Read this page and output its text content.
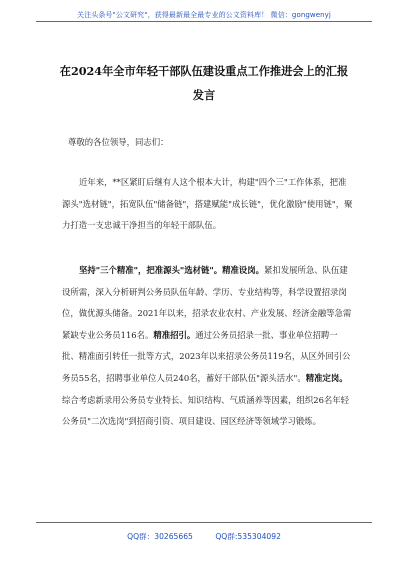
关注头条号"公文研究"，获得最新最全最专业的公文资料库！ 微信：gongwenyj
在2024年全市年轻干部队伍建设重点工作推进会上的汇报
发言
尊敬的各位领导，同志们：

近年来，**区紧盯后继有人这个根本大计，构建"四个三"工作体系，把准源头"选材链"，拓宽队伍"储备链"，搭建赋能"成长链"，优化激励"使用链"，聚力打造一支忠诚干净担当的年轻干部队伍。

坚持"三个精准"，把准源头"选材链"。精准设岗。紧扣发展所急、队伍建设所需，深入分析研判公务员队伍年龄、学历、专业结构等，科学设置招录岗位，做优源头储备。2021年以来，招录农业农村、产业发展、经济金融等急需紧缺专业公务员116名。精准招引。通过公务员招录一批、事业单位招聘一批、精准面引转任一批等方式，2023年以来招录公务员119名，从区外回引公务员55名，招聘事业单位人员240名，蓄好干部队伍"源头活水"。精准定岗。综合考虑新录用公务员专业特长、知识结构、气质涵养等因素，组织26名年轻公务员"二次选岗"到招商引资、项目建设、园区经济等领域学习锻炼。

QQ群：30265665	QQ群:535304092
